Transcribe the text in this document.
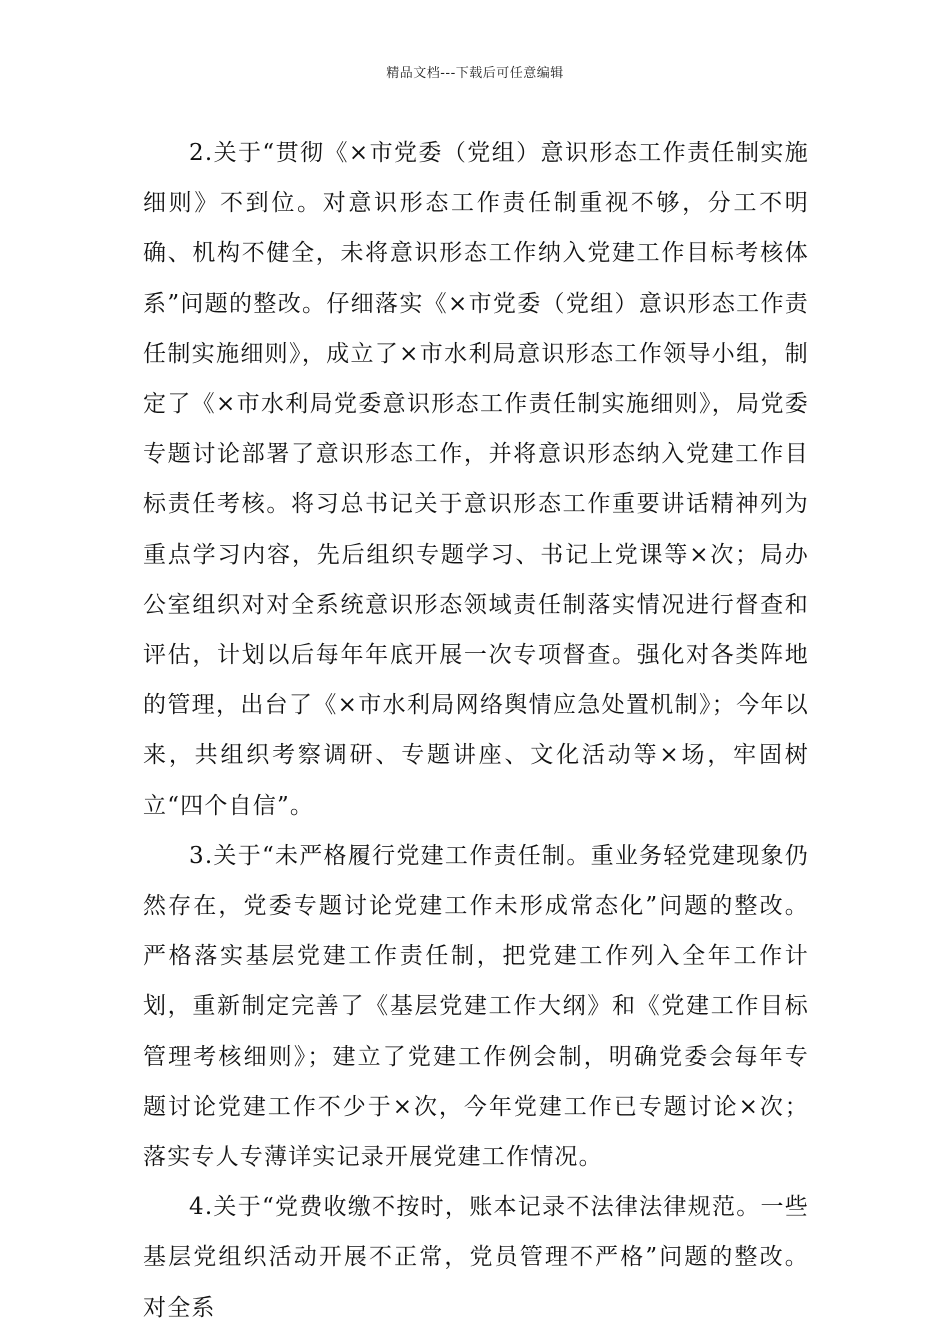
精品文档---下载后可任意编辑

2.关于“贯彻《×市党委（党组）意识形态工作责任制实施细则》不到位。对意识形态工作责任制重视不够，分工不明确、机构不健全，未将意识形态工作纳入党建工作目标考核体系”问题的整改。仔细落实《×市党委（党组）意识形态工作责任制实施细则》，成立了×市水利局意识形态工作领导小组，制定了《×市水利局党委意识形态工作责任制实施细则》，局党委专题讨论部署了意识形态工作，并将意识形态纳入党建工作目标责任考核。将习总书记关于意识形态工作重要讲话精神列为重点学习内容，先后组织专题学习、书记上党课等×次；局办公室组织对对全系统意识形态领域责任制落实情况进行督查和评估，计划以后每年年底开展一次专项督查。强化对各类阵地的管理，出台了《×市水利局网络舆情应急处置机制》；今年以来，共组织考察调研、专题讲座、文化活动等×场，牢固树立“四个自信”。

3.关于“未严格履行党建工作责任制。重业务轻党建现象仍然存在，党委专题讨论党建工作未形成常态化”问题的整改。严格落实基层党建工作责任制，把党建工作列入全年工作计划，重新制定完善了《基层党建工作大纲》和《党建工作目标管理考核细则》；建立了党建工作例会制，明确党委会每年专题讨论党建工作不少于×次，今年党建工作已专题讨论×次；落实专人专薄详实记录开展党建工作情况。

4.关于“党费收缴不按时，账本记录不法律法律规范。一些基层党组织活动开展不正常，党员管理不严格”问题的整改。对全系
